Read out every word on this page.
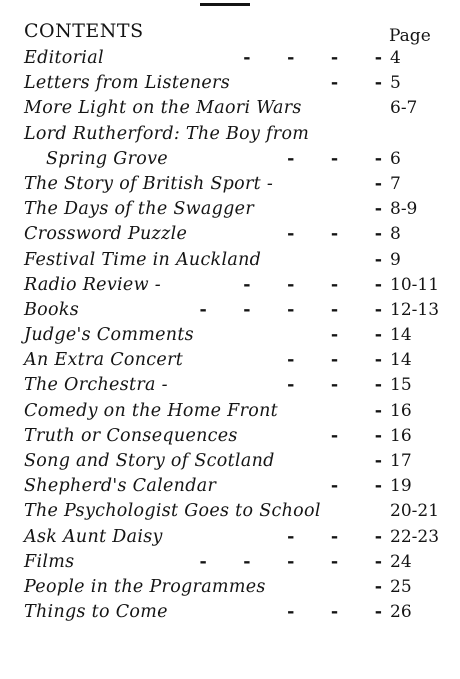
CONTENTS	Page
Editorial	-      -      -      - 4
Letters from Listeners	-      - 5
More Light on the Maori Wars	6-7
Lord Rutherford: The Boy from
Spring Grove	-      -      - 6
The Story of British Sport -	- 7
The Days of the Swagger	- 8-9
Crossword Puzzle	-      -      - 8
Festival Time in Auckland	- 9
Radio Review -	-      -      -      - 10-11
Books	-      -      -      -      - 12-13
Judge's Comments	-      - 14
An Extra Concert	-      -      - 14
The Orchestra -	-      -      - 15
Comedy on the Home Front	- 16
Truth or Consequences	-      - 16
Song and Story of Scotland	- 17
Shepherd's Calendar	-      - 19
The Psychologist Goes to School	20-21
Ask Aunt Daisy	-      -      - 22-23
Films	-      -      -      -      - 24
People in the Programmes	- 25
Things to Come	-      -      - 26
